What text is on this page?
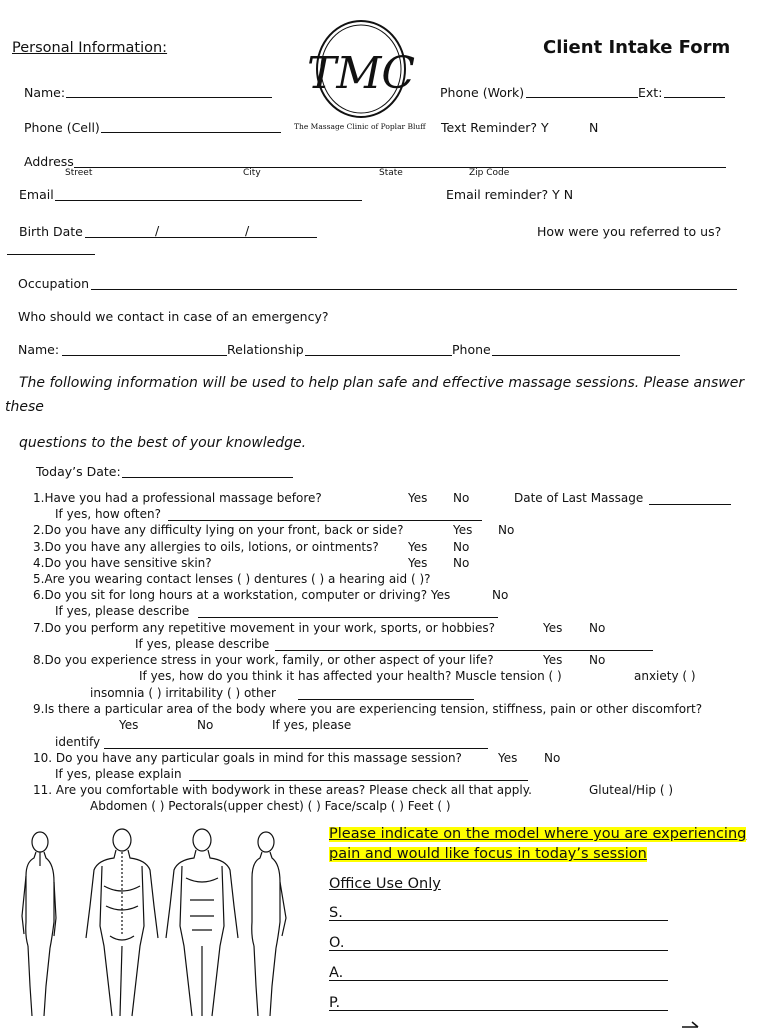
Personal Information:	Client Intake Form
TMC
The Massage Clinic of Poplar Bluff
Name:	Phone (Work)	Ext:
Phone (Cell)	Text Reminder? Y	N
Address
Street	City	State	Zip Code
Email	Email reminder? Y N
Birth Date	/	/	How were you referred to us?
Occupation
Who should we contact in case of an emergency?
Name:	Relationship	Phone
The following information will be used to help plan safe and effective massage sessions. Please answer
these
questions to the best of your knowledge.
Today’s Date:
1.Have you had a professional massage before?	Yes No	Date of Last Massage
If yes, how often?
2.Do you have any difficulty lying on your front, back or side?	Yes No
3.Do you have any allergies to oils, lotions, or ointments? Yes No
4.Do you have sensitive skin?	Yes No
5.Are you wearing contact lenses ( ) dentures ( ) a hearing aid ( )?
6.Do you sit for long hours at a workstation, computer or driving? Yes	No
If yes, please describe
7.Do you perform any repetitive movement in your work, sports, or hobbies?	Yes No
If yes, please describe
8.Do you experience stress in your work, family, or other aspect of your life?	Yes No
If yes, how do you think it has affected your health? Muscle tension ( )	anxiety ( )
insomnia ( ) irritability ( ) other
9.Is there a particular area of the body where you are experiencing tension, stiffness, pain or other discomfort?
Yes	No	If yes, please
identify
10. Do you have any particular goals in mind for this massage session?	Yes No
If yes, please explain
11. Are you comfortable with bodywork in these areas? Please check all that apply.	Gluteal/Hip ( )
Abdomen ( ) Pectorals(upper chest) ( ) Face/scalp ( ) Feet ( )
Please indicate on the model where you are experiencing
pain and would like focus in today’s session
Office Use Only
S.
O.
A.
P.
